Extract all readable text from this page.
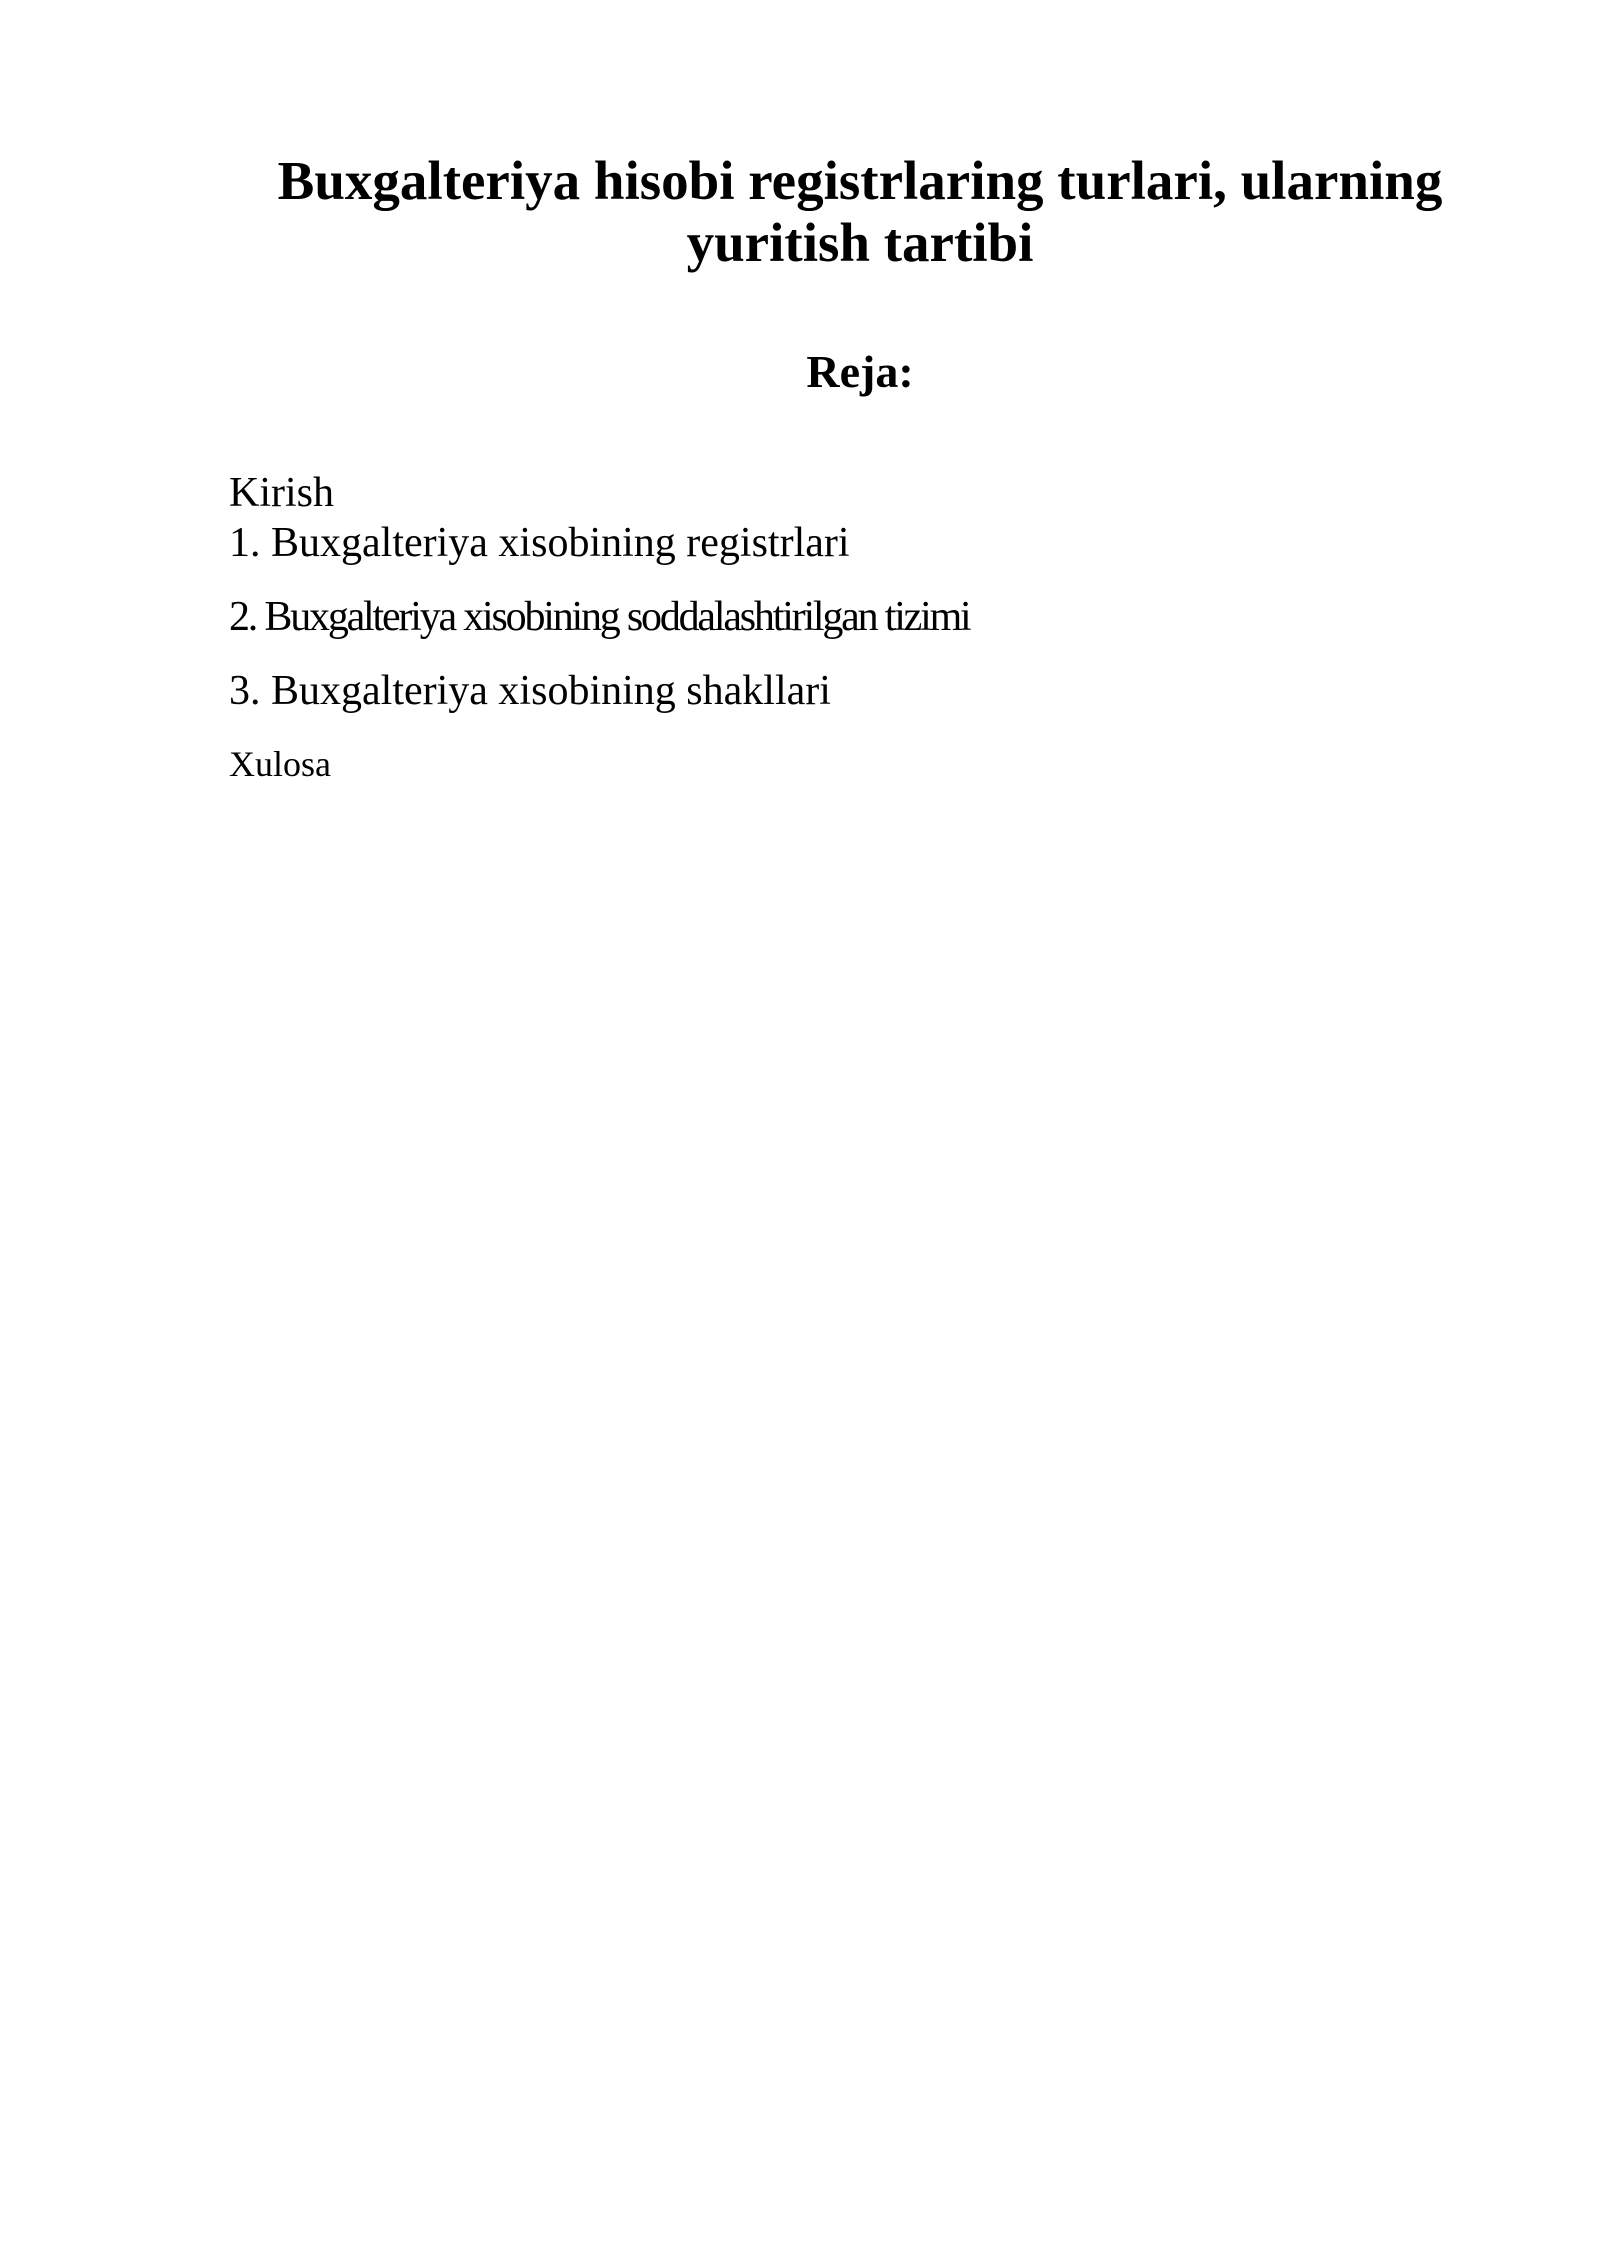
Buxgalteriya hisobi registrlaring turlari, ularning
yuritish tartibi
Reja:
Kirish
1. Buxgalteriya xisobining registrlari
2. Buxgalteriya xisobining soddalashtirilgan tizimi
3. Buxgalteriya xisobining shakllari
Xulosa
